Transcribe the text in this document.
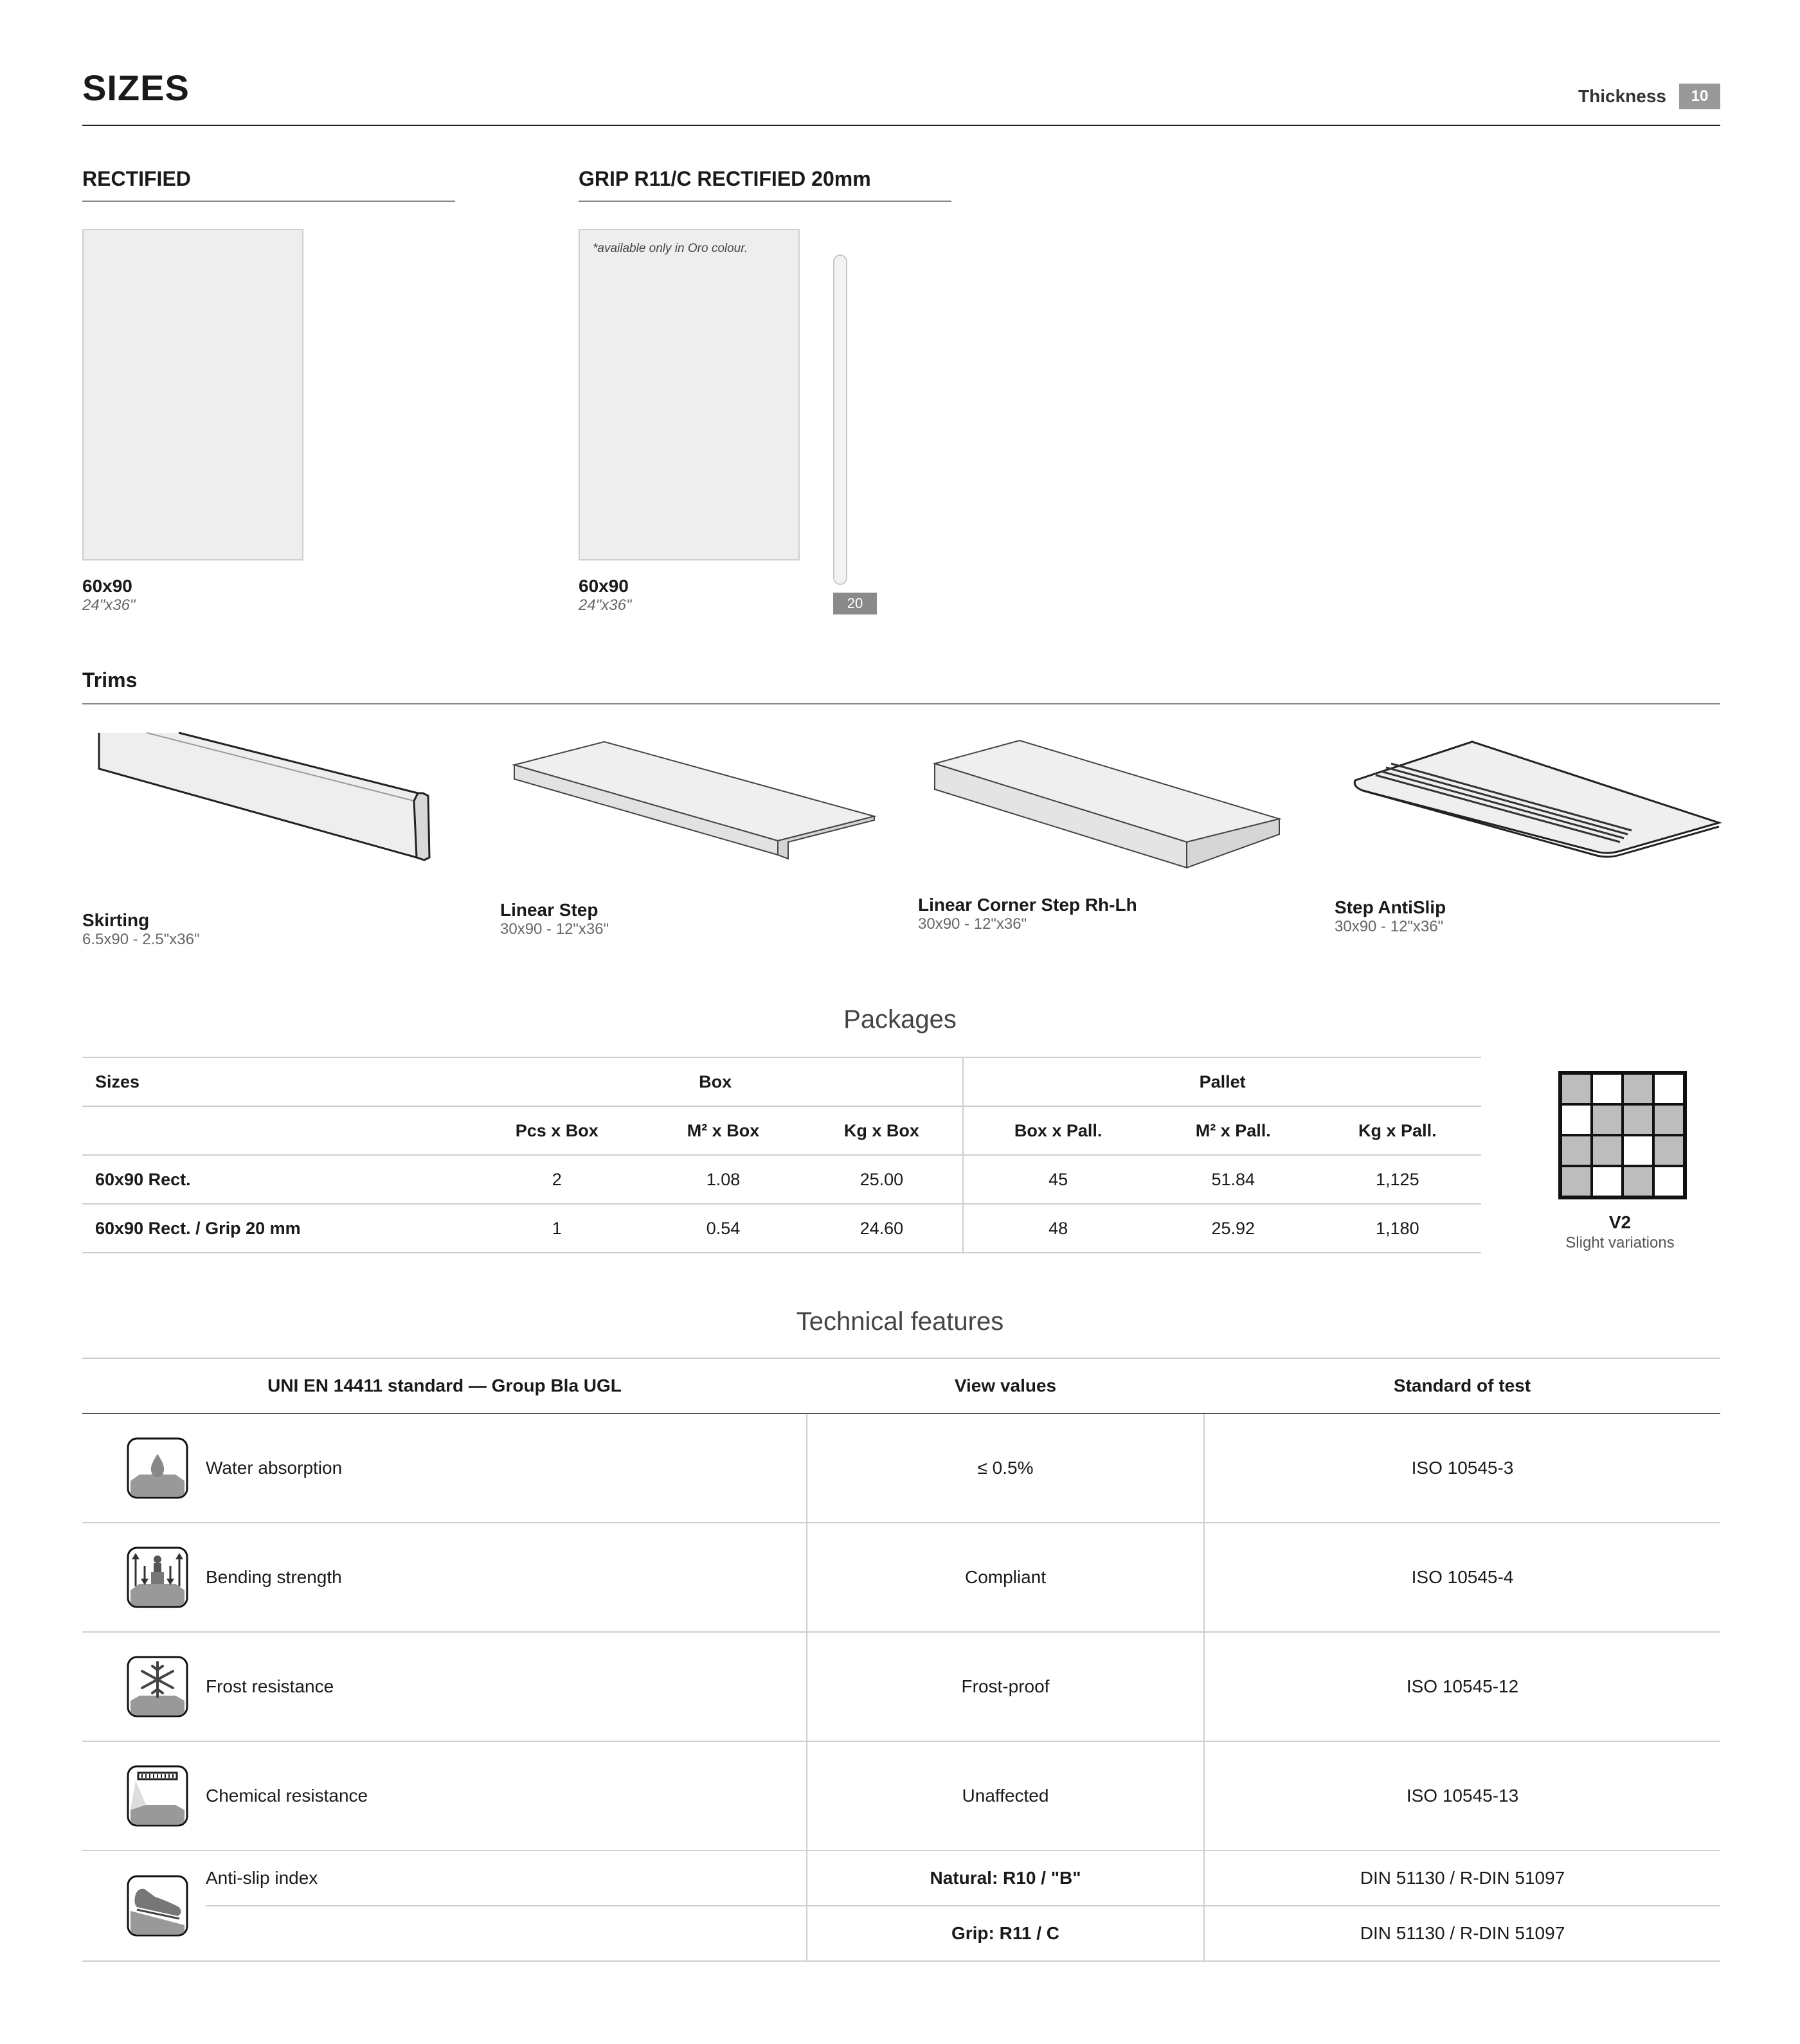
SIZES	Thickness	10
RECTIFIED
60x90
24"x36"
GRIP R11/C RECTIFIED 20mm
*available only in Oro colour.
20
60x90
24"x36"
Trims
Skirting
6.5x90 - 2.5"x36"
Linear Step
30x90 - 12"x36"
Linear Corner Step Rh-Lh
30x90 - 12"x36"
Step AntiSlip
30x90 - 12"x36"
Packages
Sizes	Box			Pallet		
	Pcs x Box	M² x Box	Kg x Box	Box x Pall.	M² x Pall.	Kg x Pall.
60x90 Rect.	2	1.08	25.00	45	51.84	1,125
60x90 Rect. / Grip 20 mm	1	0.54	24.60	48	25.92	1,180	V2
Slight variations
Technical features
UNI EN 14411 standard — Group Bla UGL		View values	Standard of test
	Water absorption	≤ 0.5%	ISO 10545-3
	Bending strength	Compliant	ISO 10545-4
	Frost resistance	Frost-proof	ISO 10545-12
	Chemical resistance	Unaffected	ISO 10545-13
	Anti-slip index	Natural: R10 / "B"	DIN 51130 / R-DIN 51097
		Grip: R11 / C	DIN 51130 / R-DIN 51097
